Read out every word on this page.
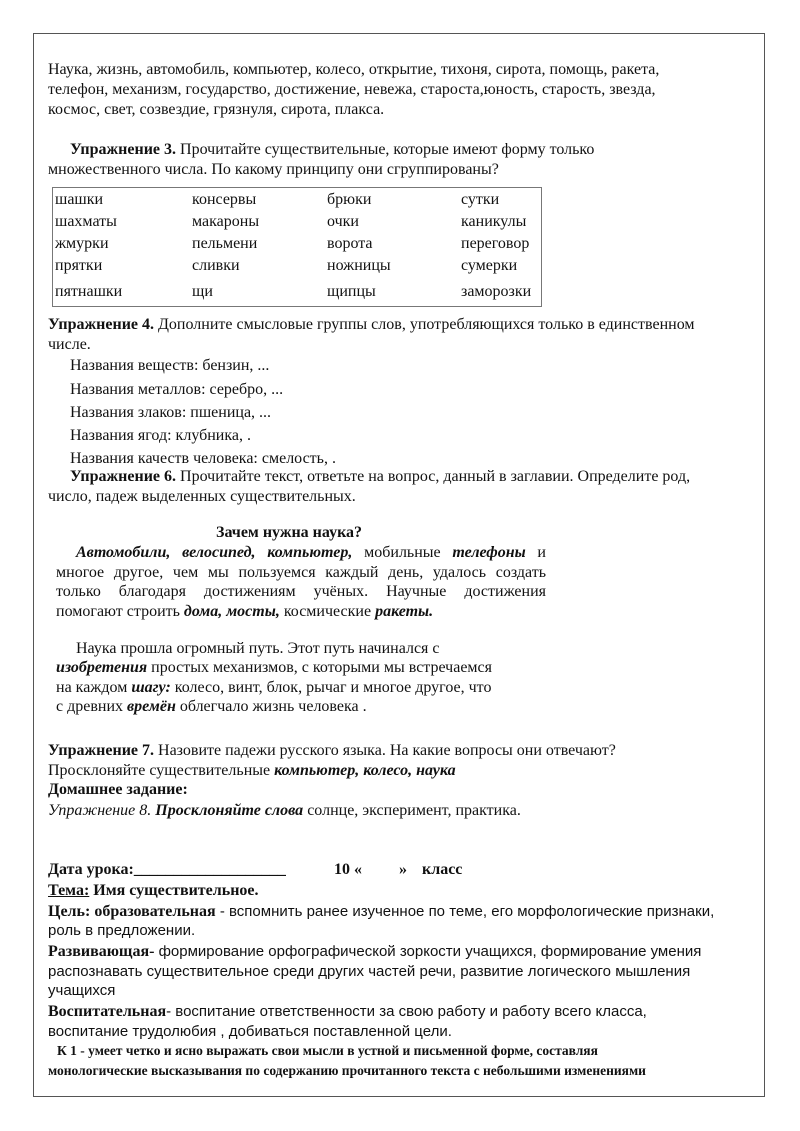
Наука, жизнь, автомобиль, компьютер, колесо, открытие, тихоня, сирота, помощь, ракета,
телефон, механизм, государство, достижение, невежа, староста,юность, старость, звезда,
космос, свет, созвездие, грязнуля, сирота, плакса.
Упражнение 3. Прочитайте существительные, которые имеют форму только
множественного числа. По какому принципу они сгруппированы?
шашки
шахматы
жмурки
прятки
пятнашки
консервы
макароны
пельмени
сливки
щи
брюки
очки
ворота
ножницы
щипцы
сутки
каникулы
переговор
сумерки
заморозки
Упражнение 4. Дополните смысловые группы слов, употребляющихся только в единственном
числе.
Названия веществ: бензин, ...
Названия металлов: серебро, ...
Названия злаков: пшеница, ...
Названия ягод: клубника, .
Названия качеств человека: смелость, .
Упражнение 6. Прочитайте текст, ответьте на вопрос, данный в заглавии. Определите род,
число, падеж выделенных существительных.
Зачем нужна наука?

Автомобили, велосипед, компьютер, мобильные телефоны и многое другое, чем мы пользуемся каждый день, удалось создать только благодаря достижениям учёных. Научные достижения помогают строить дома, мосты, космические ракеты.

Наука прошла огромный путь. Этот путь начинался с
изобретения простых механизмов, с которыми мы встречаемся
на каждом шагу: колесо, винт, блок, рычаг и многое другое, что
с древних времён облегчало жизнь человека .
Упражнение 7. Назовите падежи русского языка. На какие вопросы они отвечают?
Просклоняйте существительные компьютер, колесо, наука
Домашнее задание:
Упражнение 8. Просклоняйте слова солнце, эксперимент, практика.
Дата урока:___________________	10 « » класс
Тема: Имя существительное.
Цель: образовательная - вспомнить ранее изученное по теме, его морфологические признаки,
роль в предложении.
Развивающая- формирование орфографической зоркости учащихся, формирование умения
распознавать существительное среди других частей речи, развитие логического мышления
учащихся
Воспитательная- воспитание ответственности за свою работу и работу всего класса,
воспитание трудолюбия , добиваться поставленной цели.
К 1 - умеет четко и ясно выражать свои мысли в устной и письменной форме, составляя
монологические высказывания по содержанию прочитанного текста с небольшими изменениями
